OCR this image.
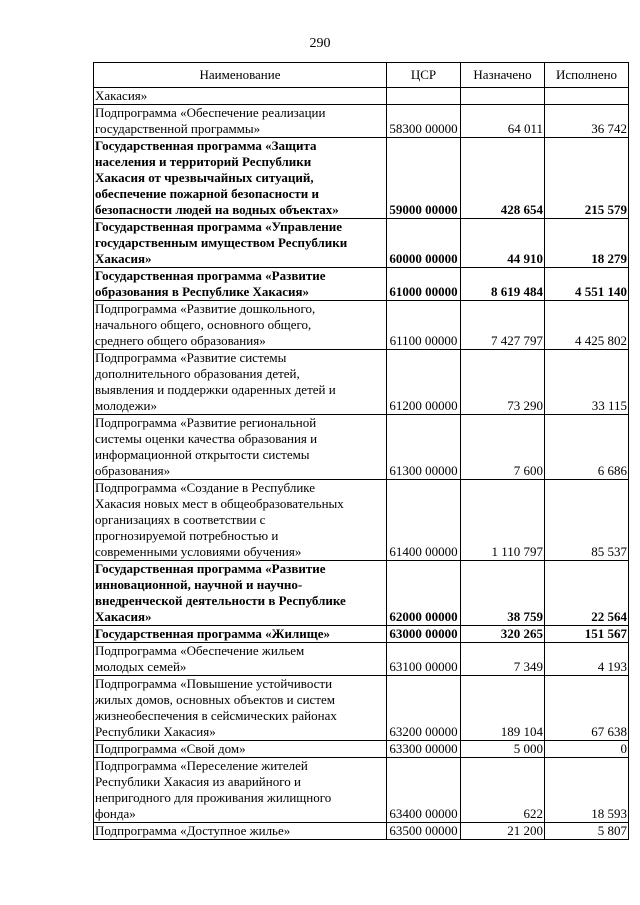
290
Наименование	ЦСР	Назначено	Исполнено
Хакасия»			
Подпрограмма «Обеспечение реализации
государственной программы»	58300 00000	64 011	36 742
Государственная программа «Защита
населения и территорий Республики
Хакасия от чрезвычайных ситуаций,
обеспечение пожарной безопасности и
безопасности людей на водных объектах»	59000 00000	428 654	215 579
Государственная программа «Управление
государственным имуществом Республики
Хакасия»	60000 00000	44 910	18 279
Государственная программа «Развитие
образования в Республике Хакасия»	61000 00000	8 619 484	4 551 140
Подпрограмма «Развитие дошкольного,
начального общего, основного общего,
среднего общего образования»	61100 00000	7 427 797	4 425 802
Подпрограмма «Развитие системы
дополнительного образования детей,
выявления и поддержки одаренных детей и
молодежи»	61200 00000	73 290	33 115
Подпрограмма «Развитие региональной
системы оценки качества образования и
информационной открытости системы
образования»	61300 00000	7 600	6 686
Подпрограмма «Создание в Республике
Хакасия новых мест в общеобразовательных
организациях в соответствии с
прогнозируемой потребностью и
современными условиями обучения»	61400 00000	1 110 797	85 537
Государственная программа «Развитие
инновационной, научной и научно-
внедренческой деятельности в Республике
Хакасия»	62000 00000	38 759	22 564
Государственная программа «Жилище»	63000 00000	320 265	151 567
Подпрограмма «Обеспечение жильем
молодых семей»	63100 00000	7 349	4 193
Подпрограмма «Повышение устойчивости
жилых домов, основных объектов и систем
жизнеобеспечения в сейсмических районах
Республики Хакасия»	63200 00000	189 104	67 638
Подпрограмма «Свой дом»	63300 00000	5 000	0
Подпрограмма «Переселение жителей
Республики Хакасия из аварийного и
непригодного для проживания жилищного
фонда»	63400 00000	622	18 593
Подпрограмма «Доступное жилье»	63500 00000	21 200	5 807
